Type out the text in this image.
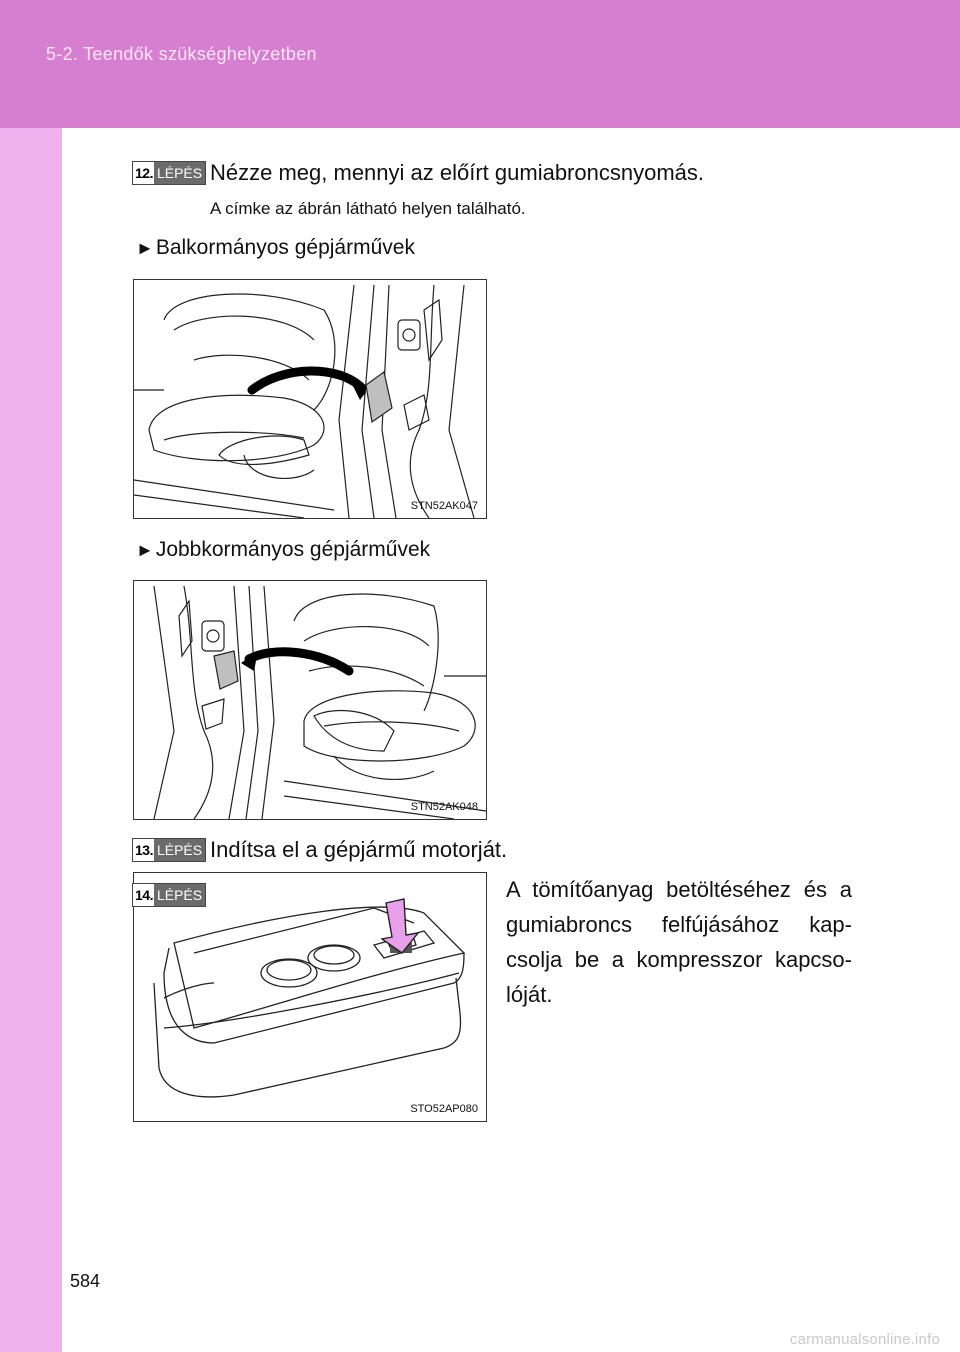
5-2. Teendők szükséghelyzetben
12. LÉPÉS Nézze meg, mennyi az előírt gumiabroncsnyomás.
A címke az ábrán látható helyen található.
►Balkormányos gépjárművek
STN52AK047
►Jobbkormányos gépjárművek
STN52AK048
13. LÉPÉS Indítsa el a gépjármű motorját.
STO52AP080
14. LÉPÉS	A tömítőanyag betöltéséhez és a gumiabroncs felfújásához kap-csolja be a kompresszor kapcso-lóját.
584
carmanualsonline.info
